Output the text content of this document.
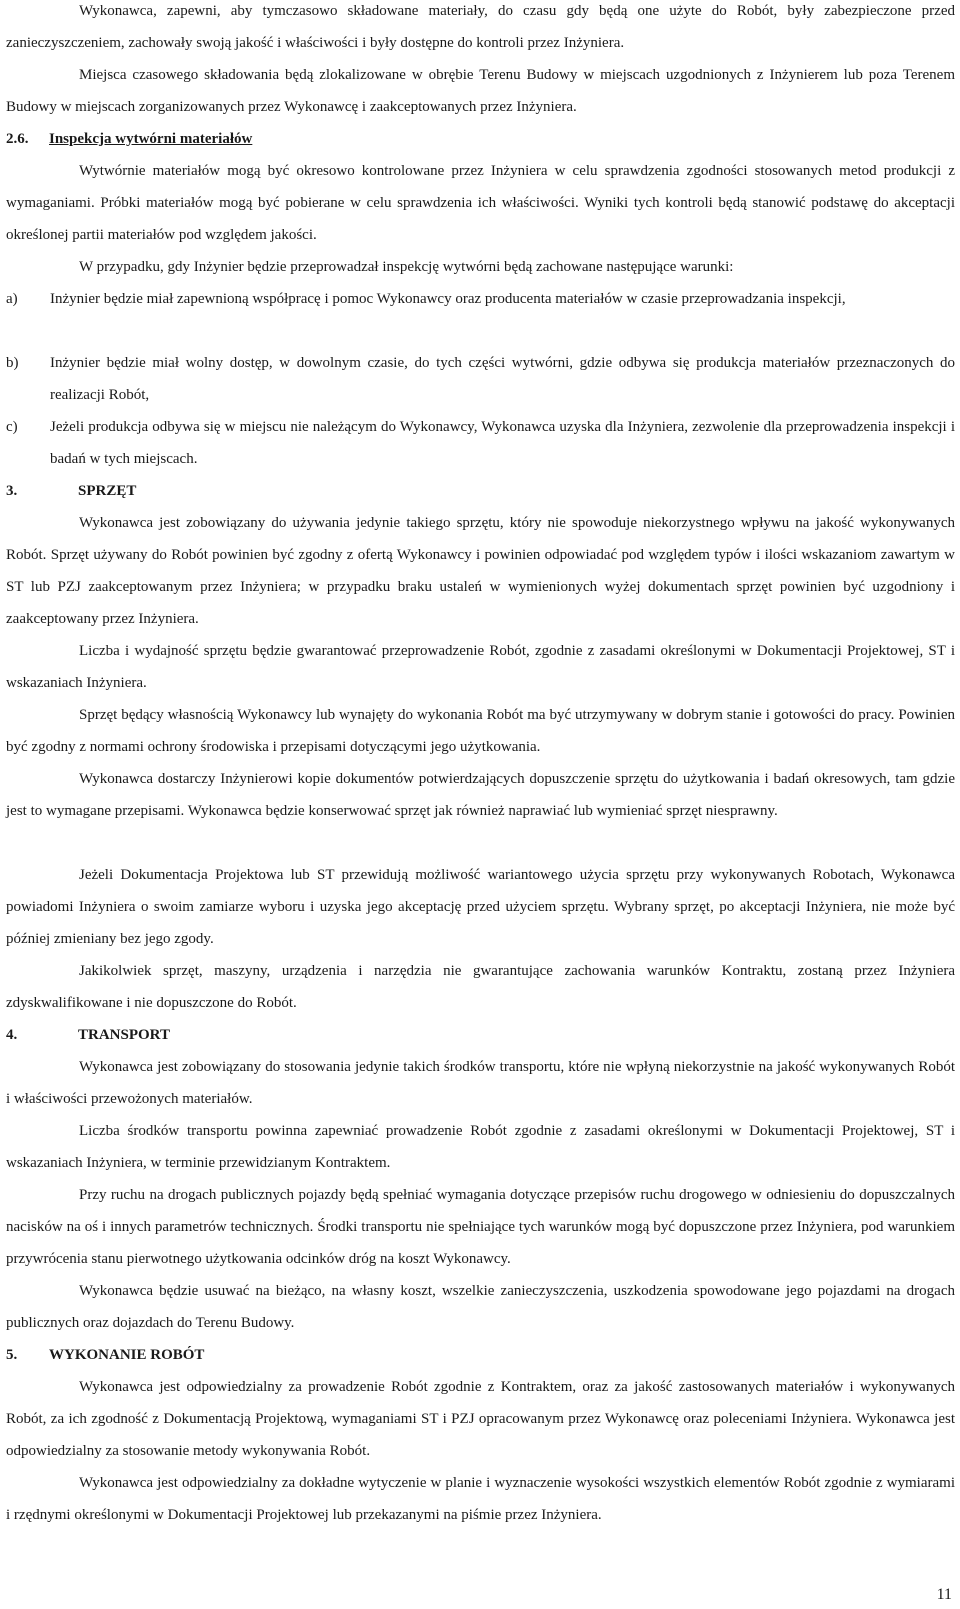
Wykonawca, zapewni, aby tymczasowo składowane materiały, do czasu gdy będą one użyte do Robót, były zabezpieczone przed zanieczyszczeniem, zachowały swoją jakość i właściwości i były dostępne do kontroli przez Inżyniera.

Miejsca czasowego składowania będą zlokalizowane w obrębie Terenu Budowy w miejscach uzgodnionych z Inżynierem lub poza Terenem Budowy w miejscach zorganizowanych przez Wykonawcę i zaakceptowanych przez Inżyniera.

2.6. Inspekcja wytwórni materiałów

Wytwórnie materiałów mogą być okresowo kontrolowane przez Inżyniera w celu sprawdzenia zgodności stosowanych metod produkcji z wymaganiami. Próbki materiałów mogą być pobierane w celu sprawdzenia ich właściwości. Wyniki tych kontroli będą stanowić podstawę do akceptacji określonej partii materiałów pod względem jakości.

W przypadku, gdy Inżynier będzie przeprowadzał inspekcję wytwórni będą zachowane następujące warunki:

a) Inżynier będzie miał zapewnioną współpracę i pomoc Wykonawcy oraz producenta materiałów w czasie przeprowadzania inspekcji,
b) Inżynier będzie miał wolny dostęp, w dowolnym czasie, do tych części wytwórni, gdzie odbywa się produkcja materiałów przeznaczonych do realizacji Robót,
c) Jeżeli produkcja odbywa się w miejscu nie należącym do Wykonawcy, Wykonawca uzyska dla Inżyniera, zezwolenie dla przeprowadzenia inspekcji i badań w tych miejscach.
3.	SPRZĘT

Wykonawca jest zobowiązany do używania jedynie takiego sprzętu, który nie spowoduje niekorzystnego wpływu na jakość wykonywanych Robót. Sprzęt używany do Robót powinien być zgodny z ofertą Wykonawcy i powinien odpowiadać pod względem typów i ilości wskazaniom zawartym w ST lub PZJ zaakceptowanym przez Inżyniera; w przypadku braku ustaleń w wymienionych wyżej dokumentach sprzęt powinien być uzgodniony i zaakceptowany przez Inżyniera.

Liczba i wydajność sprzętu będzie gwarantować przeprowadzenie Robót, zgodnie z zasadami określonymi w Dokumentacji Projektowej, ST i wskazaniach Inżyniera.

Sprzęt będący własnością Wykonawcy lub wynajęty do wykonania Robót ma być utrzymywany w dobrym stanie i gotowości do pracy. Powinien być zgodny z normami ochrony środowiska i przepisami dotyczącymi jego użytkowania.

Wykonawca dostarczy Inżynierowi kopie dokumentów potwierdzających dopuszczenie sprzętu do użytkowania i badań okresowych, tam gdzie jest to wymagane przepisami. Wykonawca będzie konserwować sprzęt jak również naprawiać lub wymieniać sprzęt niesprawny.

Jeżeli Dokumentacja Projektowa lub ST przewidują możliwość wariantowego użycia sprzętu przy wykonywanych Robotach, Wykonawca powiadomi Inżyniera o swoim zamiarze wyboru i uzyska jego akceptację przed użyciem sprzętu. Wybrany sprzęt, po akceptacji Inżyniera, nie może być później zmieniany bez jego zgody.

Jakikolwiek sprzęt, maszyny, urządzenia i narzędzia nie gwarantujące zachowania warunków Kontraktu, zostaną przez Inżyniera zdyskwalifikowane i nie dopuszczone do Robót.

4.	TRANSPORT

Wykonawca jest zobowiązany do stosowania jedynie takich środków transportu, które nie wpłyną niekorzystnie na jakość wykonywanych Robót i właściwości przewożonych materiałów.

Liczba środków transportu powinna zapewniać prowadzenie Robót zgodnie z zasadami określonymi w Dokumentacji Projektowej, ST i wskazaniach Inżyniera, w terminie przewidzianym Kontraktem.

Przy ruchu na drogach publicznych pojazdy będą spełniać wymagania dotyczące przepisów ruchu drogowego w odniesieniu do dopuszczalnych nacisków na oś i innych parametrów technicznych. Środki transportu nie spełniające tych warunków mogą być dopuszczone przez Inżyniera, pod warunkiem przywrócenia stanu pierwotnego użytkowania odcinków dróg na koszt Wykonawcy.

Wykonawca będzie usuwać na bieżąco, na własny koszt, wszelkie zanieczyszczenia, uszkodzenia spowodowane jego pojazdami na drogach publicznych oraz dojazdach do Terenu Budowy.

5. WYKONANIE ROBÓT

Wykonawca jest odpowiedzialny za prowadzenie Robót zgodnie z Kontraktem, oraz za jakość zastosowanych materiałów i wykonywanych Robót, za ich zgodność z Dokumentacją Projektową, wymaganiami ST i PZJ opracowanym przez Wykonawcę oraz poleceniami Inżyniera. Wykonawca jest odpowiedzialny za stosowanie metody wykonywania Robót.

Wykonawca jest odpowiedzialny za dokładne wytyczenie w planie i wyznaczenie wysokości wszystkich elementów Robót zgodnie z wymiarami i rzędnymi określonymi w Dokumentacji Projektowej lub przekazanymi na piśmie przez Inżyniera.

11
